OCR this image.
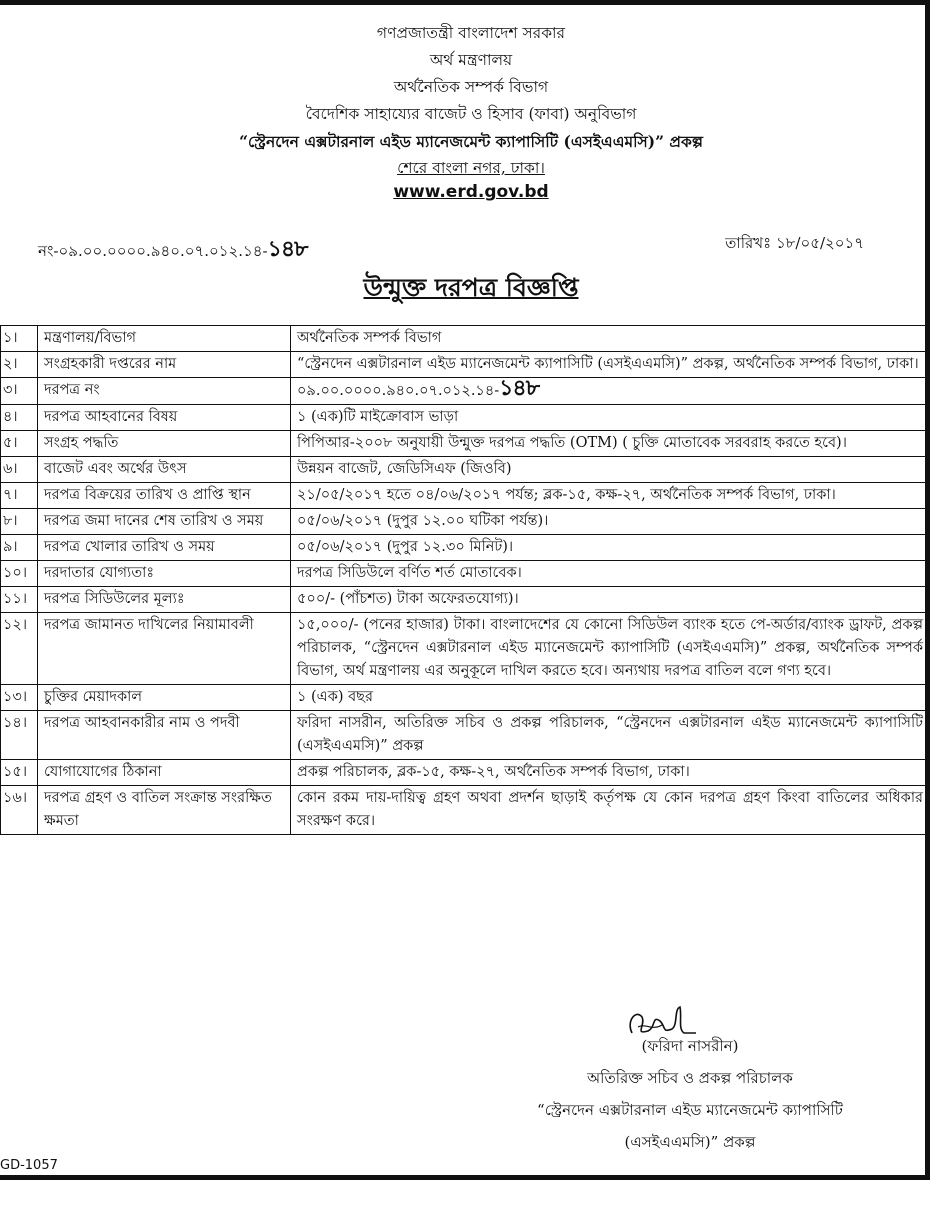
গণপ্রজাতন্ত্রী বাংলাদেশ সরকার
অর্থ মন্ত্রণালয়
অর্থনৈতিক সম্পর্ক বিভাগ
বৈদেশিক সাহায্যের বাজেট ও হিসাব (ফাবা) অনুবিভাগ
“স্ট্রেনদেন এক্সটারনাল এইড ম্যানেজমেন্ট ক্যাপাসিটি (এসইএএমসি)” প্রকল্প
শেরে বাংলা নগর, ঢাকা।
www.erd.gov.bd
নং-০৯.০০.০০০০.৯৪০.০৭.০১২.১৪-১৪৮	তারিখঃ ১৮/০৫/২০১৭
উন্মুক্ত দরপত্র বিজ্ঞপ্তি
১।	মন্ত্রণালয়/বিভাগ	অর্থনৈতিক সম্পর্ক বিভাগ
২।	সংগ্রহকারী দপ্তরের নাম	“স্ট্রেনদেন এক্সটারনাল এইড ম্যানেজমেন্ট ক্যাপাসিটি (এসইএএমসি)” প্রকল্প, অর্থনৈতিক সম্পর্ক বিভাগ, ঢাকা।
৩।	দরপত্র নং	০৯.০০.০০০০.৯৪০.০৭.০১২.১৪-১৪৮
৪।	দরপত্র আহবানের বিষয়	১ (এক)টি মাইক্রোবাস ভাড়া
৫।	সংগ্রহ পদ্ধতি	পিপিআর-২০০৮ অনুযায়ী উন্মুক্ত দরপত্র পদ্ধতি (OTM) ( চুক্তি মোতাবেক সরবরাহ করতে হবে)।
৬।	বাজেট এবং অর্থের উৎস	উন্নয়ন বাজেট, জেডিসিএফ (জিওবি)
৭।	দরপত্র বিক্রয়ের তারিখ ও প্রাপ্তি স্থান	২১/০৫/২০১৭ হতে ০৪/০৬/২০১৭ পর্যন্ত; ব্লক-১৫, কক্ষ-২৭, অর্থনৈতিক সম্পর্ক বিভাগ, ঢাকা।
৮।	দরপত্র জমা দানের শেষ তারিখ ও সময়	০৫/০৬/২০১৭ (দুপুর ১২.০০ ঘটিকা পর্যন্ত)।
৯।	দরপত্র খোলার তারিখ ও সময়	০৫/০৬/২০১৭ (দুপুর ১২.৩০ মিনিট)।
১০।	দরদাতার যোগ্যতাঃ	দরপত্র সিডিউলে বর্ণিত শর্ত মোতাবেক।
১১।	দরপত্র সিডিউলের মূল্যঃ	৫০০/- (পাঁচশত) টাকা অফেরতযোগ্য)।
১২।	দরপত্র জামানত দাখিলের নিয়ামাবলী	১৫,০০০/- (পনের হাজার) টাকা। বাংলাদেশের যে কোনো সিডিউল ব্যাংক হতে পে-অর্ডার/ব্যাংক ড্রাফট, প্রকল্প পরিচালক, “স্ট্রেনদেন এক্সটারনাল এইড ম্যানেজমেন্ট ক্যাপাসিটি (এসইএএমসি)” প্রকল্প, অর্থনৈতিক সম্পর্ক বিভাগ, অর্থ মন্ত্রণালয় এর অনুকূলে দাখিল করতে হবে। অন্যথায় দরপত্র বাতিল বলে গণ্য হবে।
১৩।	চুক্তির মেয়াদকাল	১ (এক) বছর
১৪।	দরপত্র আহবানকারীর নাম ও পদবী	ফরিদা নাসরীন, অতিরিক্ত সচিব ও প্রকল্প পরিচালক, “স্ট্রেনদেন এক্সটারনাল এইড ম্যানেজমেন্ট ক্যাপাসিটি (এসইএএমসি)” প্রকল্প
১৫।	যোগাযোগের ঠিকানা	প্রকল্প পরিচালক, ব্লক-১৫, কক্ষ-২৭, অর্থনৈতিক সম্পর্ক বিভাগ, ঢাকা।
১৬।	দরপত্র গ্রহণ ও বাতিল সংক্রান্ত সংরক্ষিত ক্ষমতা	কোন রকম দায়-দায়িত্ব গ্রহণ অথবা প্রদর্শন ছাড়াই কর্তৃপক্ষ যে কোন দরপত্র গ্রহণ কিংবা বাতিলের অধিকার সংরক্ষণ করে।
(ফরিদা নাসরীন)
অতিরিক্ত সচিব ও প্রকল্প পরিচালক
“স্ট্রেনদেন এক্সটারনাল এইড ম্যানেজমেন্ট ক্যাপাসিটি
(এসইএএমসি)” প্রকল্প
GD-1057
